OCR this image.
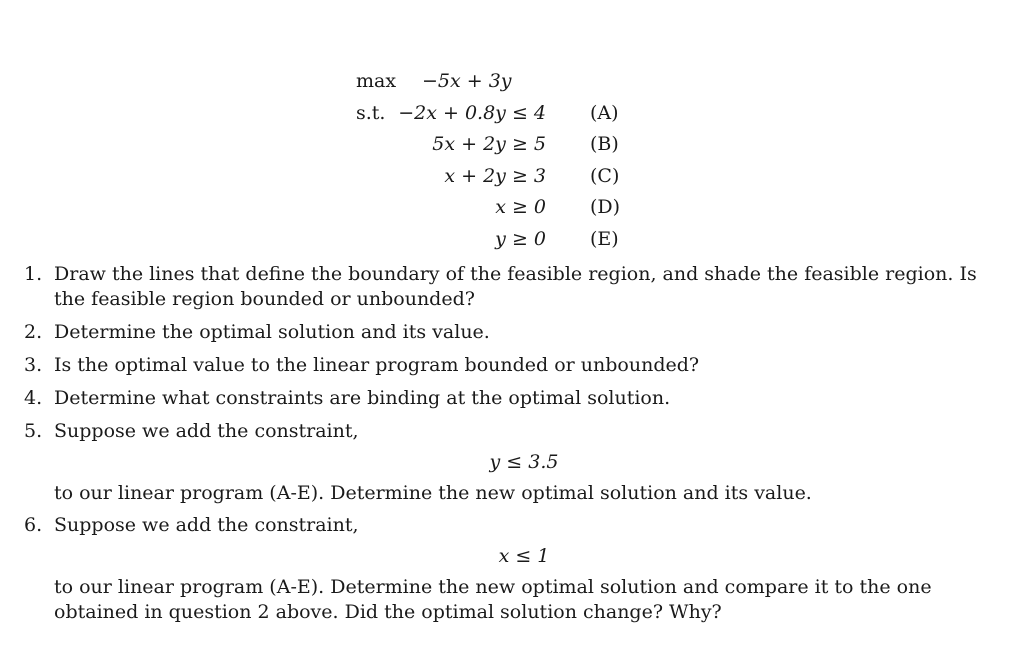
max −5x + 3y
s.t. −2x + 0.8y ≤ 4 (A)
5x + 2y ≥ 5 (B)
x + 2y ≥ 3 (C)
x ≥ 0 (D)
y ≥ 0 (E)
1. Draw the lines that define the boundary of the feasible region, and shade the feasible region. Is the feasible region bounded or unbounded?
2. Determine the optimal solution and its value.
3. Is the optimal value to the linear program bounded or unbounded?
4. Determine what constraints are binding at the optimal solution.
5. Suppose we add the constraint,
y ≤ 3.5
to our linear program (A-E). Determine the new optimal solution and its value.
6. Suppose we add the constraint,
x ≤ 1
to our linear program (A-E). Determine the new optimal solution and compare it to the one obtained in question 2 above. Did the optimal solution change? Why?
